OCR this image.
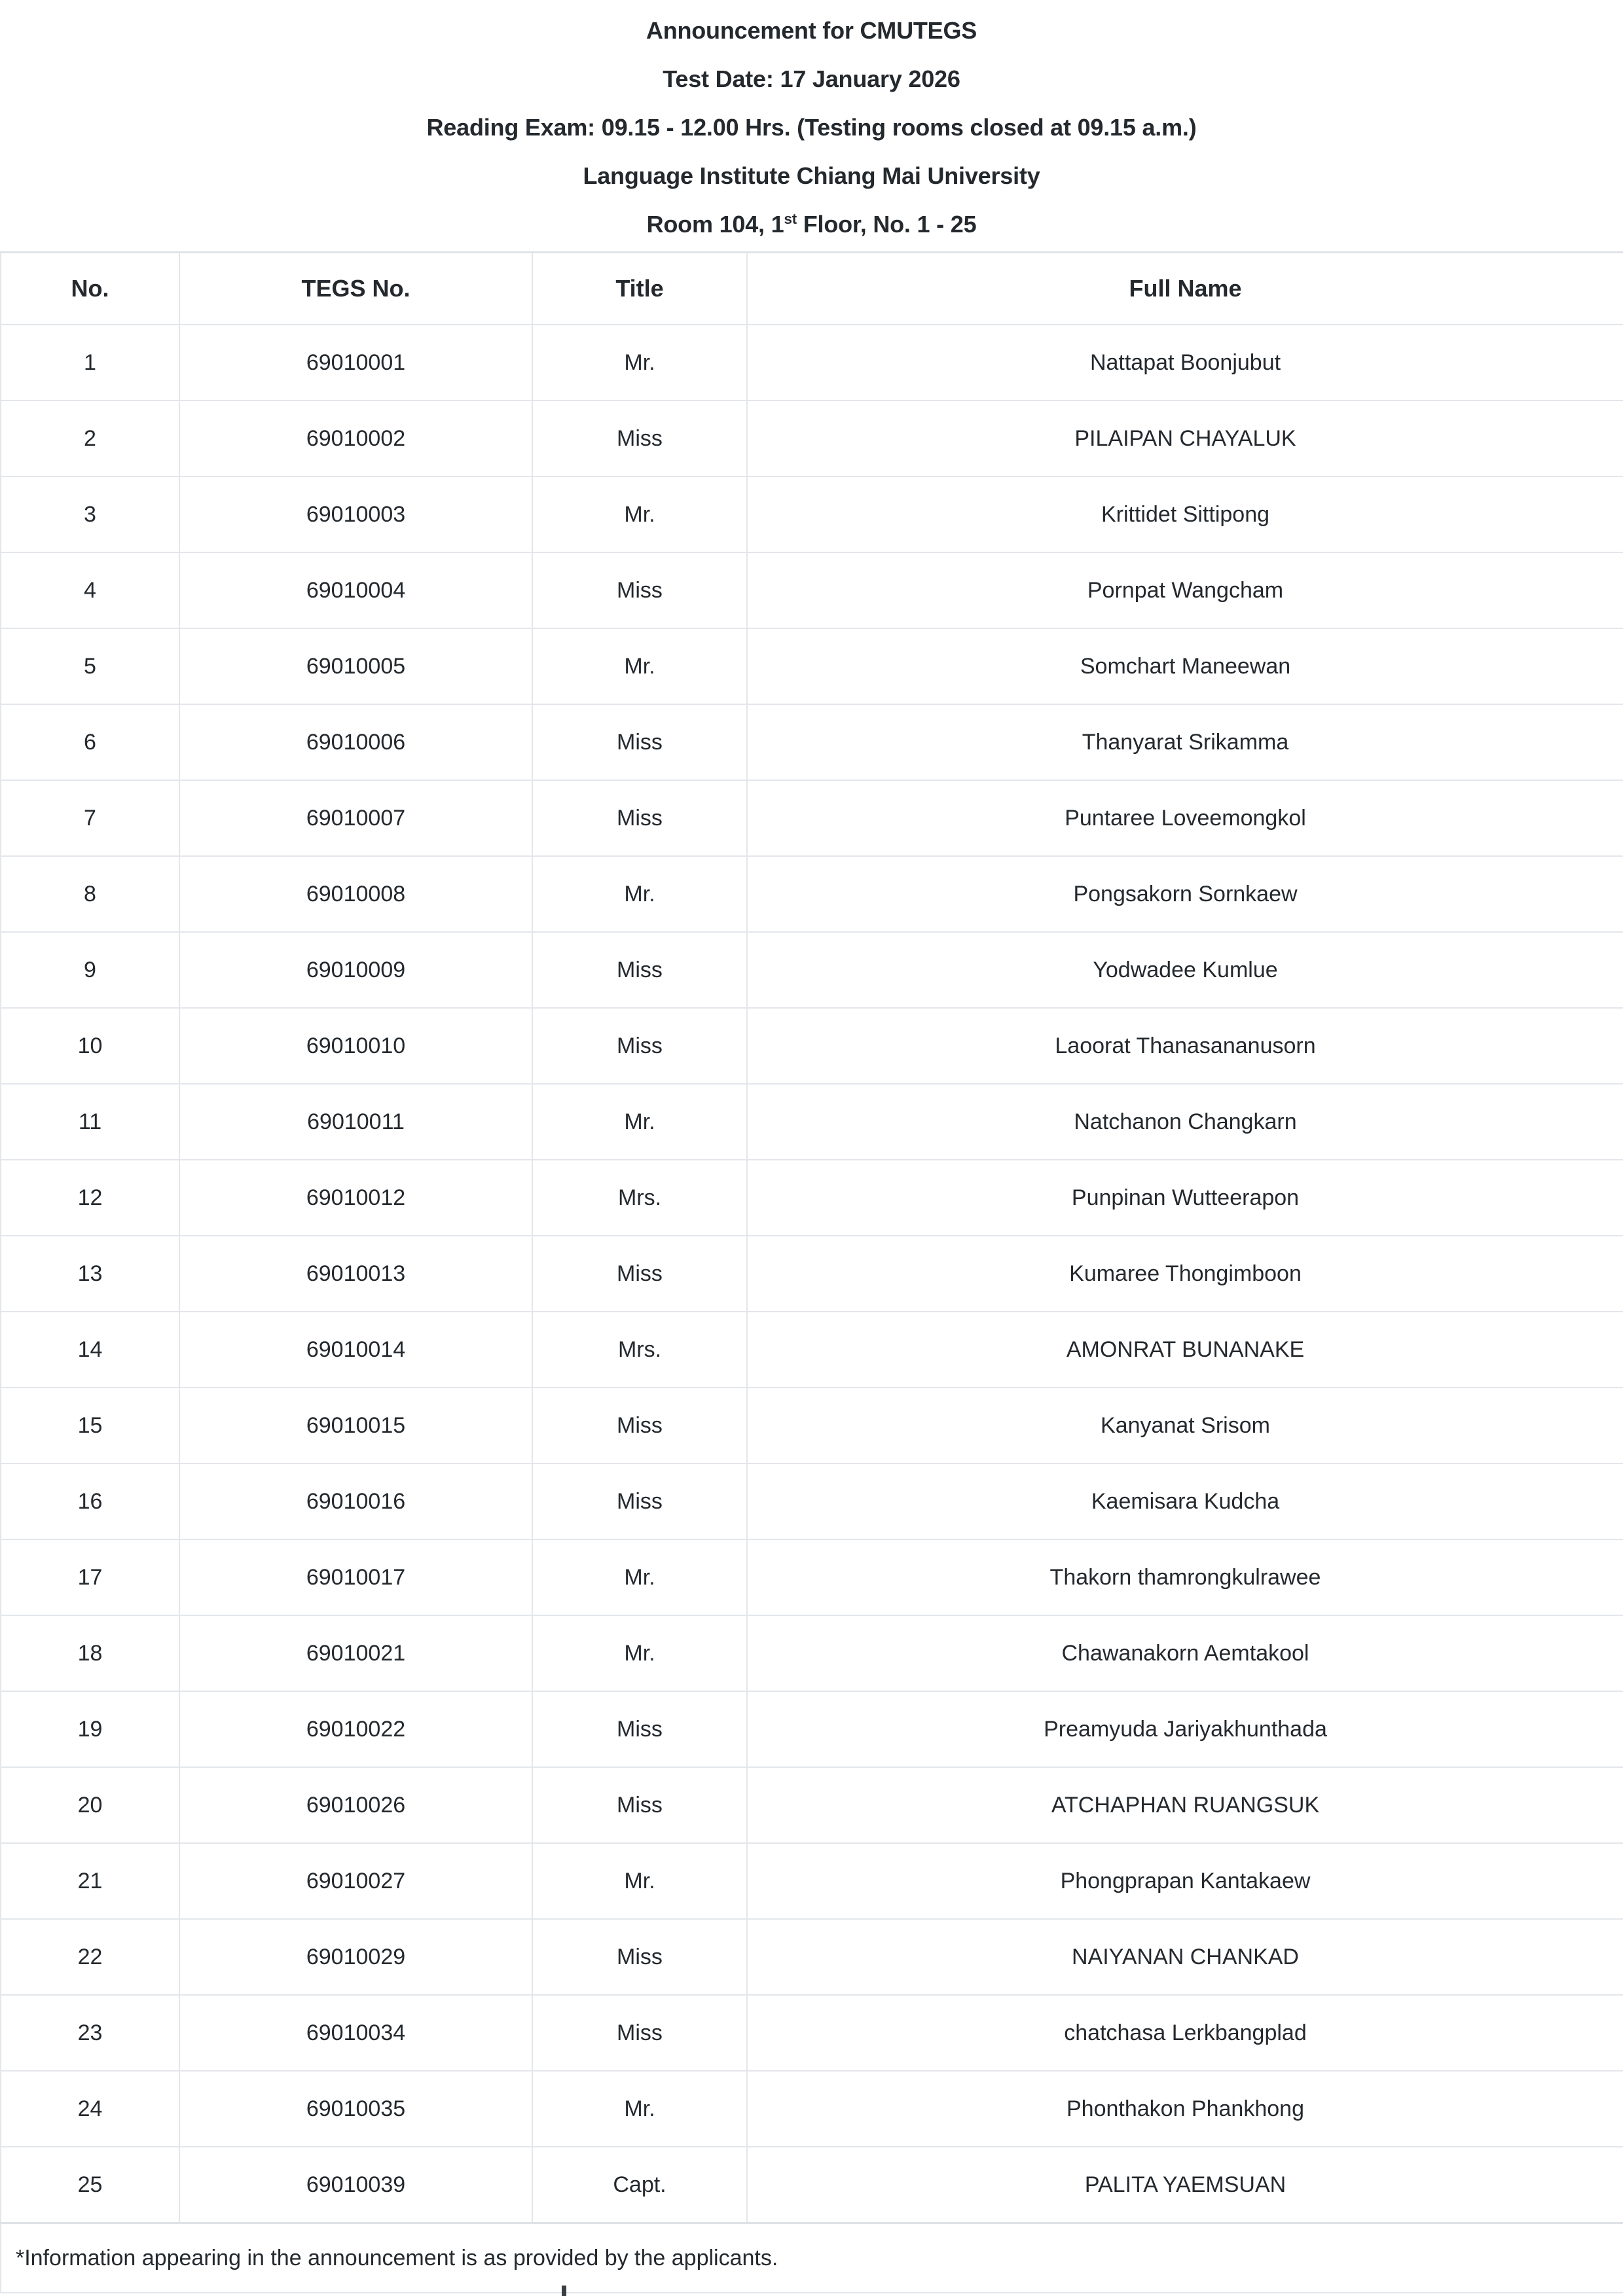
Announcement for CMUTEGS
Test Date: 17 January 2026
Reading Exam: 09.15 - 12.00 Hrs. (Testing rooms closed at 09.15 a.m.)
Language Institute Chiang Mai University
Room 104, 1st Floor, No. 1 - 25
No.	TEGS No.	Title	Full Name
1	69010001	Mr.	Nattapat Boonjubut
2	69010002	Miss	PILAIPAN CHAYALUK
3	69010003	Mr.	Krittidet Sittipong
4	69010004	Miss	Pornpat Wangcham
5	69010005	Mr.	Somchart Maneewan
6	69010006	Miss	Thanyarat Srikamma
7	69010007	Miss	Puntaree Loveemongkol
8	69010008	Mr.	Pongsakorn Sornkaew
9	69010009	Miss	Yodwadee Kumlue
10	69010010	Miss	Laoorat Thanasananusorn
11	69010011	Mr.	Natchanon Changkarn
12	69010012	Mrs.	Punpinan Wutteerapon
13	69010013	Miss	Kumaree Thongimboon
14	69010014	Mrs.	AMONRAT BUNANAKE
15	69010015	Miss	Kanyanat Srisom
16	69010016	Miss	Kaemisara Kudcha
17	69010017	Mr.	Thakorn thamrongkulrawee
18	69010021	Mr.	Chawanakorn Aemtakool
19	69010022	Miss	Preamyuda Jariyakhunthada
20	69010026	Miss	ATCHAPHAN RUANGSUK
21	69010027	Mr.	Phongprapan Kantakaew
22	69010029	Miss	NAIYANAN CHANKAD
23	69010034	Miss	chatchasa Lerkbangplad
24	69010035	Mr.	Phonthakon Phankhong
25	69010039	Capt.	PALITA YAEMSUAN
*Information appearing in the announcement is as provided by the applicants.			
